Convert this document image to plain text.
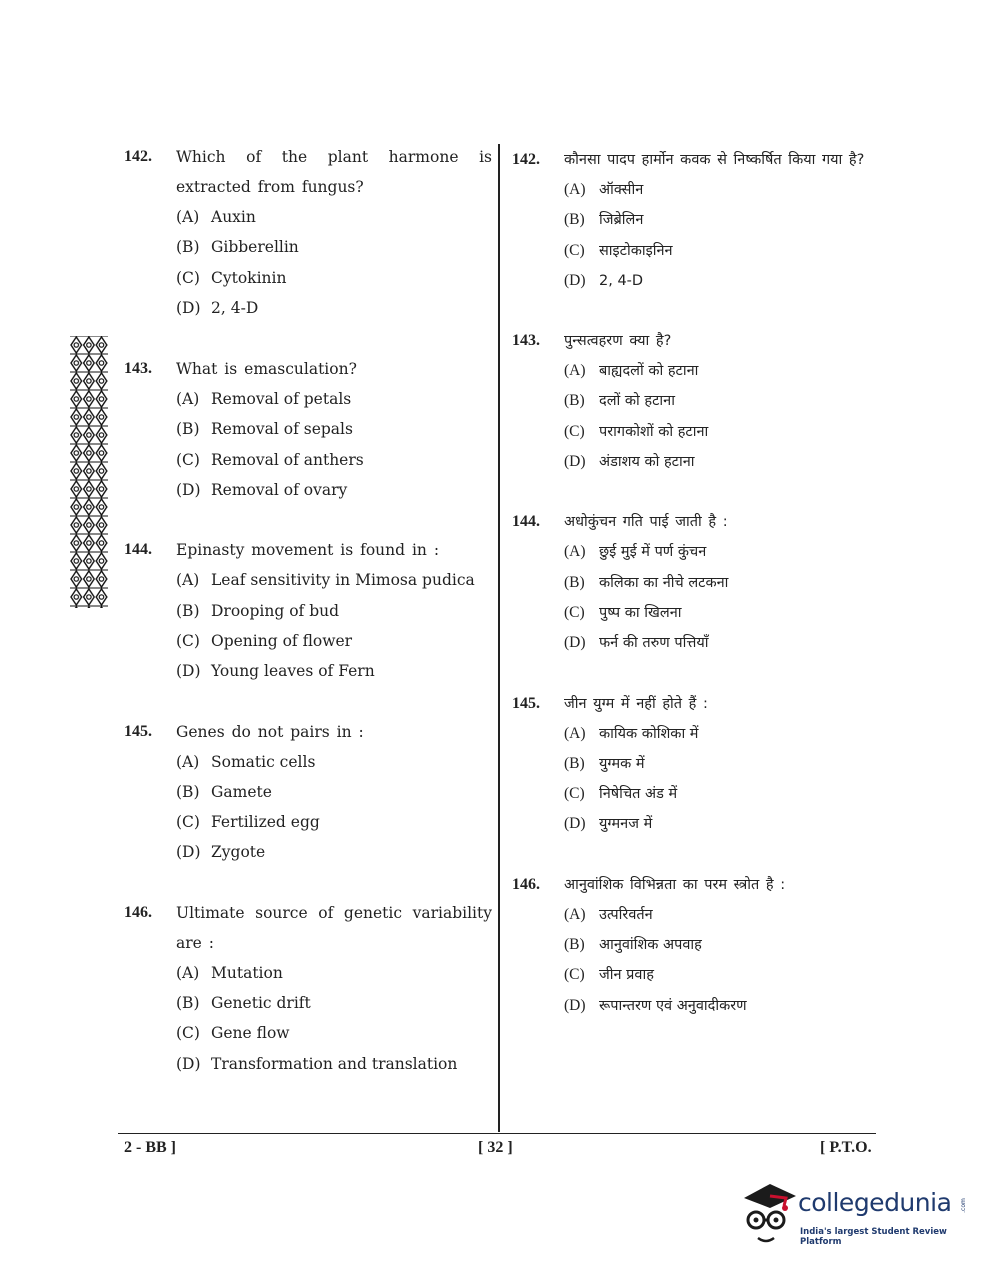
142.	Which of the plant harmone is extracted from fungus?
(A) Auxin
(B) Gibberellin
(C) Cytokinin
(D) 2, 4-D
143.	What is emasculation?
(A) Removal of petals
(B) Removal of sepals
(C) Removal of anthers
(D) Removal of ovary
144.	Epinasty movement is found in :
(A) Leaf sensitivity in Mimosa pudica
(B) Drooping of bud
(C) Opening of flower
(D) Young leaves of Fern
145.	Genes do not pairs in :
(A) Somatic cells
(B) Gamete
(C) Fertilized egg
(D) Zygote
146.	Ultimate source of genetic variability are :
(A) Mutation
(B) Genetic drift
(C) Gene flow
(D) Transformation and translation
142.	कौनसा पादप हार्मोन कवक से निष्कर्षित किया गया है?
(A) ऑक्सीन
(B) जिब्रेलिन
(C) साइटोकाइनिन
(D) 2, 4-D
143.	पुन्सत्वहरण क्या है?
(A) बाह्यदलों को हटाना
(B) दलों को हटाना
(C) परागकोशों को हटाना
(D) अंडाशय को हटाना
144.	अधोकुंचन गति पाई जाती है :
(A) छुई मुई में पर्ण कुंचन
(B) कलिका का नीचे लटकना
(C) पुष्प का खिलना
(D) फर्न की तरुण पत्तियाँ
145.	जीन युग्म में नहीं होते हैं :
(A) कायिक कोशिका में
(B) युग्मक में
(C) निषेचित अंड में
(D) युग्मनज में
146.	आनुवांशिक विभिन्नता का परम स्त्रोत है :
(A) उत्परिवर्तन
(B) आनुवांशिक अपवाह
(C) जीन प्रवाह
(D) रूपान्तरण एवं अनुवादीकरण
2 - BB ]	[ 32 ]	[ P.T.O.
collegedunia .com
India's largest Student Review Platform
